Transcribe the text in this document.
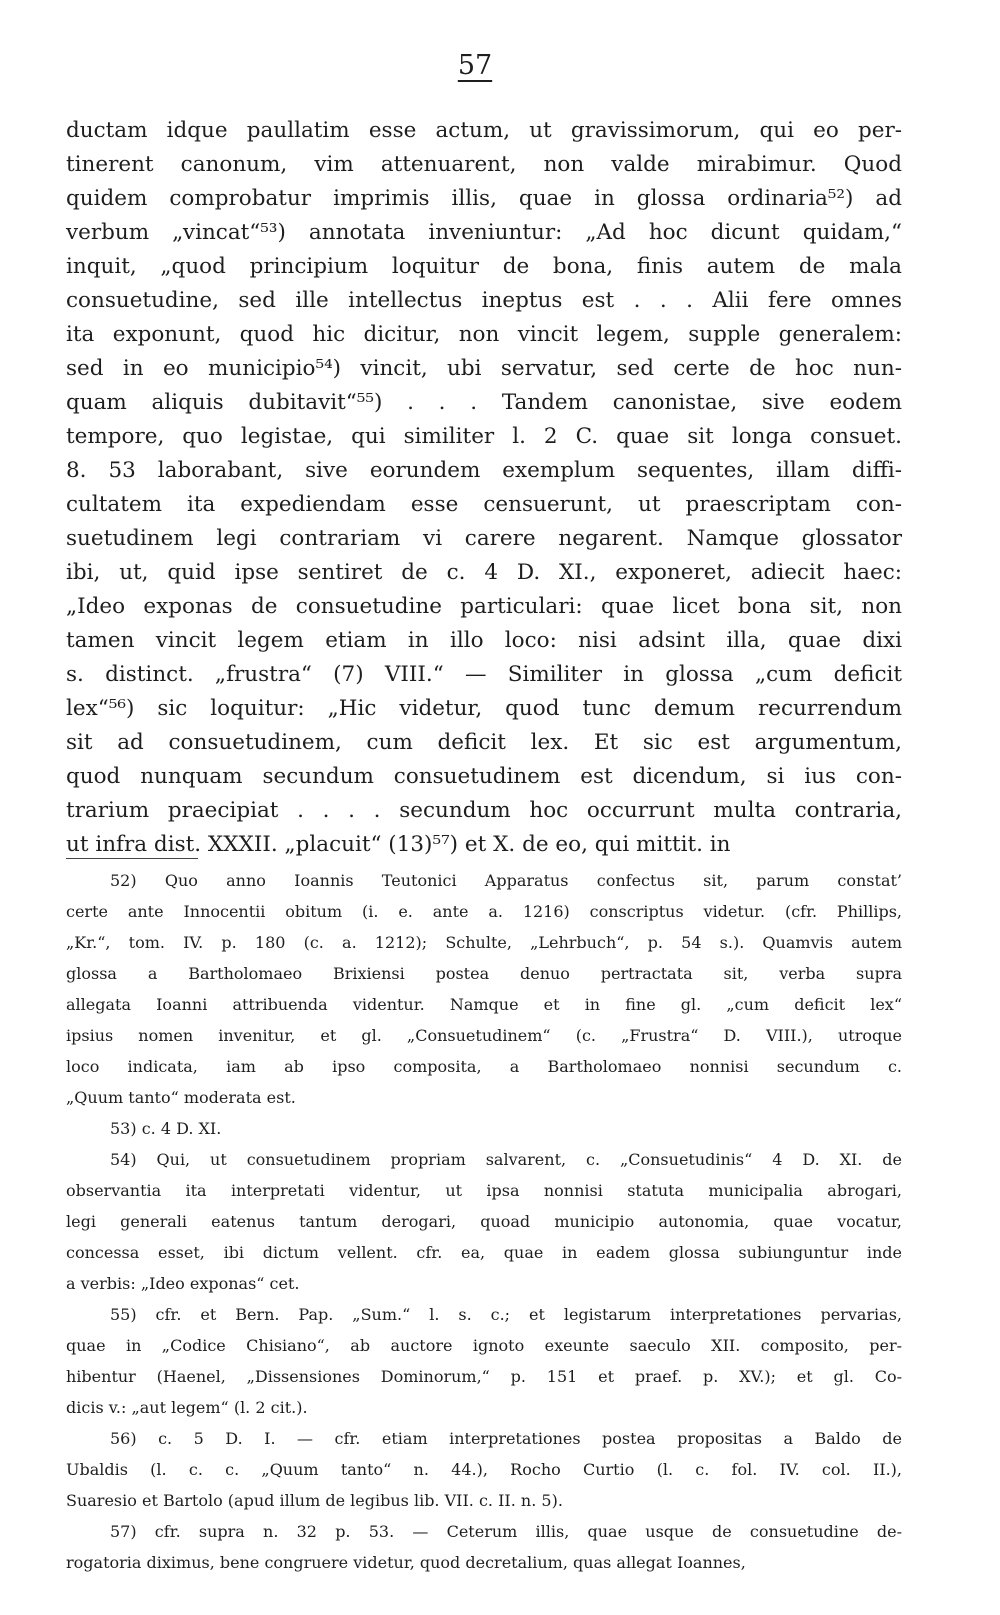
57
ductam idque paullatim esse actum, ut gravissimorum, qui eo per-
tinerent canonum, vim attenuarent, non valde mirabimur. Quod
quidem comprobatur imprimis illis, quae in glossa ordinaria⁵²) ad
verbum „vincat“⁵³) annotata inveniuntur: „Ad hoc dicunt quidam,“
inquit, „quod principium loquitur de bona, finis autem de mala
consuetudine, sed ille intellectus ineptus est . . . Alii fere omnes
ita exponunt, quod hic dicitur, non vincit legem, supple generalem:
sed in eo municipio⁵⁴) vincit, ubi servatur, sed certe de hoc nun-
quam aliquis dubitavit“⁵⁵) . . . Tandem canonistae, sive eodem
tempore, quo legistae, qui similiter l. 2 C. quae sit longa consuet.
8. 53 laborabant, sive eorundem exemplum sequentes, illam diffi-
cultatem ita expediendam esse censuerunt, ut praescriptam con-
suetudinem legi contrariam vi carere negarent. Namque glossator
ibi, ut, quid ipse sentiret de c. 4 D. XI., exponeret, adiecit haec:
„Ideo exponas de consuetudine particulari: quae licet bona sit, non
tamen vincit legem etiam in illo loco: nisi adsint illa, quae dixi
s. distinct. „frustra“ (7) VIII.“ — Similiter in glossa „cum deficit
lex“⁵⁶) sic loquitur: „Hic videtur, quod tunc demum recurrendum
sit ad consuetudinem, cum deficit lex. Et sic est argumentum,
quod nunquam secundum consuetudinem est dicendum, si ius con-
trarium praecipiat . . . . secundum hoc occurrunt multa contraria,
ut infra dist. XXXII. „placuit“ (13)⁵⁷) et X. de eo, qui mittit. in
52) Quo anno Ioannis Teutonici Apparatus confectus sit, parum constat’
certe ante Innocentii obitum (i. e. ante a. 1216) conscriptus videtur. (cfr. Phillips,
„Kr.“, tom. IV. p. 180 (c. a. 1212); Schulte, „Lehrbuch“, p. 54 s.). Quamvis autem
glossa a Bartholomaeo Brixiensi postea denuo pertractata sit, verba supra
allegata Ioanni attribuenda videntur. Namque et in fine gl. „cum deficit lex“
ipsius nomen invenitur, et gl. „Consuetudinem“ (c. „Frustra“ D. VIII.), utroque
loco indicata, iam ab ipso composita, a Bartholomaeo nonnisi secundum c.
„Quum tanto“ moderata est.
53) c. 4 D. XI.
54) Qui, ut consuetudinem propriam salvarent, c. „Consuetudinis“ 4 D. XI. de
observantia ita interpretati videntur, ut ipsa nonnisi statuta municipalia abrogari,
legi generali eatenus tantum derogari, quoad municipio autonomia, quae vocatur,
concessa esset, ibi dictum vellent. cfr. ea, quae in eadem glossa subiunguntur inde
a verbis: „Ideo exponas“ cet.
55) cfr. et Bern. Pap. „Sum.“ l. s. c.; et legistarum interpretationes pervarias,
quae in „Codice Chisiano“, ab auctore ignoto exeunte saeculo XII. composito, per-
hibentur (Haenel, „Dissensiones Dominorum,“ p. 151 et praef. p. XV.); et gl. Co-
dicis v.: „aut legem“ (l. 2 cit.).
56) c. 5 D. I. — cfr. etiam interpretationes postea propositas a Baldo de
Ubaldis (l. c. c. „Quum tanto“ n. 44.), Rocho Curtio (l. c. fol. IV. col. II.),
Suaresio et Bartolo (apud illum de legibus lib. VII. c. II. n. 5).
57) cfr. supra n. 32 p. 53. — Ceterum illis, quae usque de consuetudine de-
rogatoria diximus, bene congruere videtur, quod decretalium, quas allegat Ioannes,
